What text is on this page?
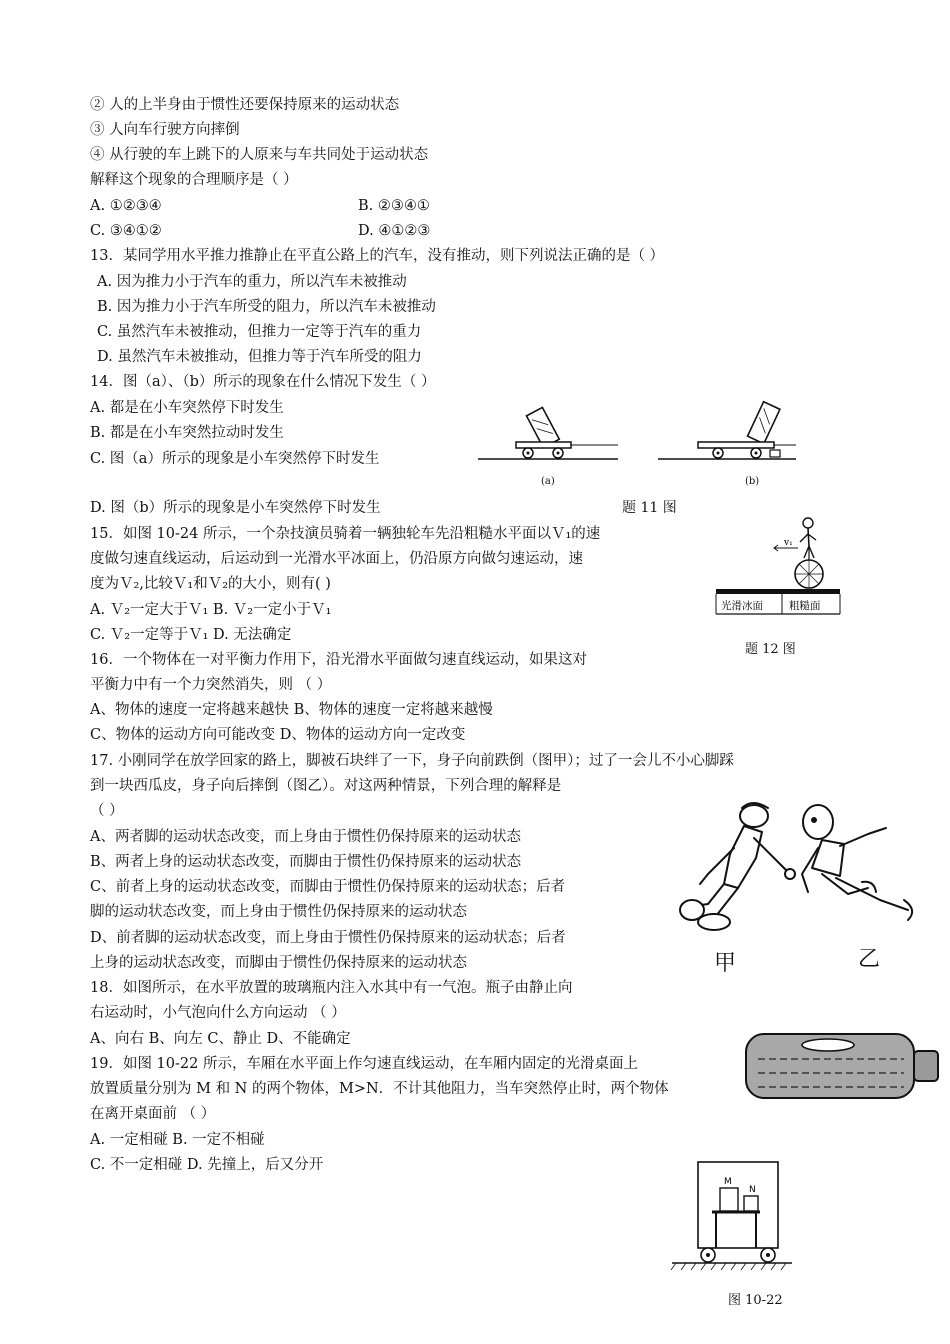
② 人的上半身由于惯性还要保持原来的运动状态
③ 人向车行驶方向摔倒
④ 从行驶的车上跳下的人原来与车共同处于运动状态
解释这个现象的合理顺序是（ ）
A. ①②③④	B. ②③④①
C. ③④①②	D. ④①②③
13．某同学用水平推力推静止在平直公路上的汽车，没有推动，则下列说法正确的是（ ）
A. 因为推力小于汽车的重力，所以汽车未被推动
B. 因为推力小于汽车所受的阻力，所以汽车未被推动
C. 虽然汽车未被推动，但推力一定等于汽车的重力
D. 虽然汽车未被推动，但推力等于汽车所受的阻力
14．图（a）、（b）所示的现象在什么情况下发生（ ）
A. 都是在小车突然停下时发生
B. 都是在小车突然拉动时发生
C. 图（a）所示的现象是小车突然停下时发生
D. 图（b）所示的现象是小车突然停下时发生	题 11 图
(a)	(b)
15．如图 10-24 所示，一个杂技演员骑着一辆独轮车先沿粗糙水平面以Ｖ₁的速
度做匀速直线运动，后运动到一光滑水平冰面上，仍沿原方向做匀速运动，速
度为Ｖ₂,比较Ｖ₁和Ｖ₂的大小，则有( )
A. Ｖ₂一定大于Ｖ₁ B. Ｖ₂一定小于Ｖ₁
C. Ｖ₂一定等于Ｖ₁ D. 无法确定
v₁
光滑冰面 粗糙面
题 12 图
16．一个物体在一对平衡力作用下，沿光滑水平面做匀速直线运动，如果这对
平衡力中有一个力突然消失，则 （ ）
A、物体的速度一定将越来越快 B、物体的速度一定将越来越慢
C、物体的运动方向可能改变 D、物体的运动方向一定改变
17. 小刚同学在放学回家的路上，脚被石块绊了一下，身子向前跌倒（图甲）；过了一会儿不小心脚踩
到一块西瓜皮，身子向后摔倒（图乙）。对这两种情景，下列合理的解释是
（ ）
A、两者脚的运动状态改变，而上身由于惯性仍保持原来的运动状态
B、两者上身的运动状态改变，而脚由于惯性仍保持原来的运动状态
C、前者上身的运动状态改变，而脚由于惯性仍保持原来的运动状态；后者
脚的运动状态改变，而上身由于惯性仍保持原来的运动状态
D、前者脚的运动状态改变，而上身由于惯性仍保持原来的运动状态；后者
上身的运动状态改变，而脚由于惯性仍保持原来的运动状态	甲	乙
18．如图所示，在水平放置的玻璃瓶内注入水其中有一气泡。瓶子由静止向
右运动时，小气泡向什么方向运动 （ ）
A、向右 B、向左 C、静止 D、不能确定
19．如图 10-22 所示，车厢在水平面上作匀速直线运动，在车厢内固定的光滑桌面上
放置质量分别为 M 和 N 的两个物体，M>N．不计其他阻力，当车突然停止时，两个物体
在离开桌面前 （ ）
A. 一定相碰 B. 一定不相碰
C. 不一定相碰 D. 先撞上，后又分开
M
N
图 10-22
